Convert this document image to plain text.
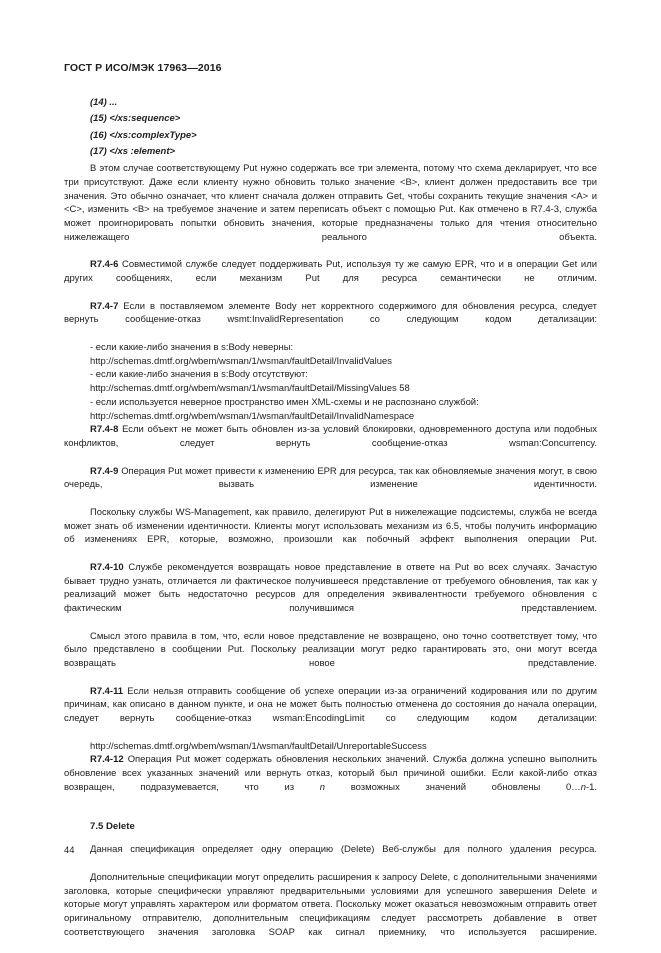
ГОСТ Р ИСО/МЭК 17963—2016
(14) ...
(15) </xs:sequence>
(16) </xs:complexType>
(17) </xs :element>
В этом случае соответствующему Put нужно содержать все три элемента, потому что схема декларирует, что все три присутствуют. Даже если клиенту нужно обновить только значение <B>, клиент должен предоставить все три значения. Это обычно означает, что клиент сначала должен отправить Get, чтобы сохранить текущие значения <A> и <C>, изменить <B> на требуемое значение и затем переписать объект с помощью Put. Как отмечено в R7.4-3, служба может проигнорировать попытки обновить значения, которые предназначены только для чтения относительно нижележащего реального объекта.
R7.4-6 Совместимой службе следует поддерживать Put, используя ту же самую EPR, что и в операции Get или других сообщениях, если механизм Put для ресурса семантически не отличим.
R7.4-7 Если в поставляемом элементе Body нет корректного содержимого для обновления ресурса, следует вернуть сообщение-отказ wsmt:InvalidRepresentation со следующим кодом детализации:
- если какие-либо значения в s:Body неверны:
http://schemas.dmtf.org/wbem/wsman/1/wsman/faultDetail/InvalidValues
- если какие-либо значения в s:Body отсутствуют:
http://schemas.dmtf.org/wbem/wsman/1/wsman/faultDetail/MissingValues 58
- если используется неверное пространство имен XML-схемы и не распознано службой:
http://schemas.dmtf.org/wbem/wsman/1/wsman/faultDetail/InvalidNamespace
R7.4-8 Если объект не может быть обновлен из-за условий блокировки, одновременного доступа или подобных конфликтов, следует вернуть сообщение-отказ wsman:Concurrency.
R7.4-9 Операция Put может привести к изменению EPR для ресурса, так как обновляемые значения могут, в свою очередь, вызвать изменение идентичности.
Поскольку службы WS-Management, как правило, делегируют Put в нижележащие подсистемы, служба не всегда может знать об изменении идентичности. Клиенты могут использовать механизм из 6.5, чтобы получить информацию об изменениях EPR, которые, возможно, произошли как побочный эффект выполнения операции Put.
R7.4-10 Службе рекомендуется возвращать новое представление в ответе на Put во всех случаях. Зачастую бывает трудно узнать, отличается ли фактическое получившееся представление от требуемого обновления, так как у реализаций может быть недостаточно ресурсов для определения эквивалентности требуемого обновления с фактическим получившимся представлением.
Смысл этого правила в том, что, если новое представление не возвращено, оно точно соответствует тому, что было представлено в сообщении Put. Поскольку реализации могут редко гарантировать это, они могут всегда возвращать новое представление.
R7.4-11 Если нельзя отправить сообщение об успехе операции из-за ограничений кодирования или по другим причинам, как описано в данном пункте, и она не может быть полностью отменена до состояния до начала операции, следует вернуть сообщение-отказ wsman:EncodingLimit со следующим кодом детализации:
http://schemas.dmtf.org/wbem/wsman/1/wsman/faultDetail/UnreportableSuccess
R7.4-12 Операция Put может содержать обновления нескольких значений. Служба должна успешно выполнить обновление всех указанных значений или вернуть отказ, который был причиной ошибки. Если какой-либо отказ возвращен, подразумевается, что из n возможных значений обновлены 0…n-1.
7.5 Delete
Данная спецификация определяет одну операцию (Delete) Веб-службы для полного удаления ресурса.
Дополнительные спецификации могут определить расширения к запросу Delete, с дополнительными значениями заголовка, которые специфически управляют предварительными условиями для успешного завершения Delete и которые могут управлять характером или форматом ответа. Поскольку может оказаться невозможным отправить ответ оригинальному отправителю, дополнительным спецификациям следует рассмотреть добавление в ответ соответствующего значения заголовка SOAP как сигнал приемнику, что используется расширение.
44
